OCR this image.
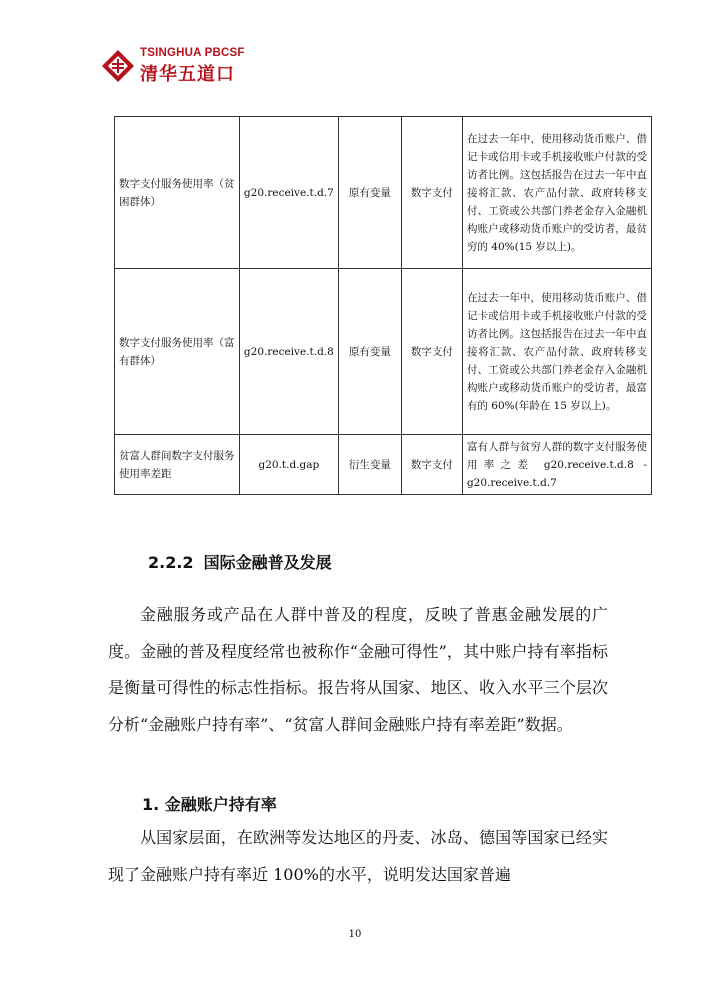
TSINGHUA PBCSF
清华五道口
数字支付服务使用率（贫困群体）	g20.receive.t.d.7	原有变量	数字支付	在过去一年中，使用移动货币账户、借记卡或信用卡或手机接收账户付款的受访者比例。这包括报告在过去一年中直接将汇款、农产品付款、政府转移支付、工资或公共部门养老金存入金融机构账户或移动货币账户的受访者，最贫穷的 40%(15 岁以上)。
数字支付服务使用率（富有群体）	g20.receive.t.d.8	原有变量	数字支付	在过去一年中，使用移动货币账户、借记卡或信用卡或手机接收账户付款的受访者比例。这包括报告在过去一年中直接将汇款、农产品付款、政府转移支付、工资或公共部门养老金存入金融机构账户或移动货币账户的受访者，最富有的 60%(年龄在 15 岁以上)。
贫富人群间数字支付服务使用率差距	g20.t.d.gap	衍生变量	数字支付	富有人群与贫穷人群的数字支付服务使用率之差 g20.receive.t.d.8 - g20.receive.t.d.7
2.2.2 国际金融普及发展
金融服务或产品在人群中普及的程度，反映了普惠金融发展的广度。金融的普及程度经常也被称作“金融可得性”，其中账户持有率指标是衡量可得性的标志性指标。报告将从国家、地区、收入水平三个层次分析“金融账户持有率”、“贫富人群间金融账户持有率差距”数据。
1. 金融账户持有率
从国家层面，在欧洲等发达地区的丹麦、冰岛、德国等国家已经实现了金融账户持有率近 100%的水平，说明发达国家普遍
10
